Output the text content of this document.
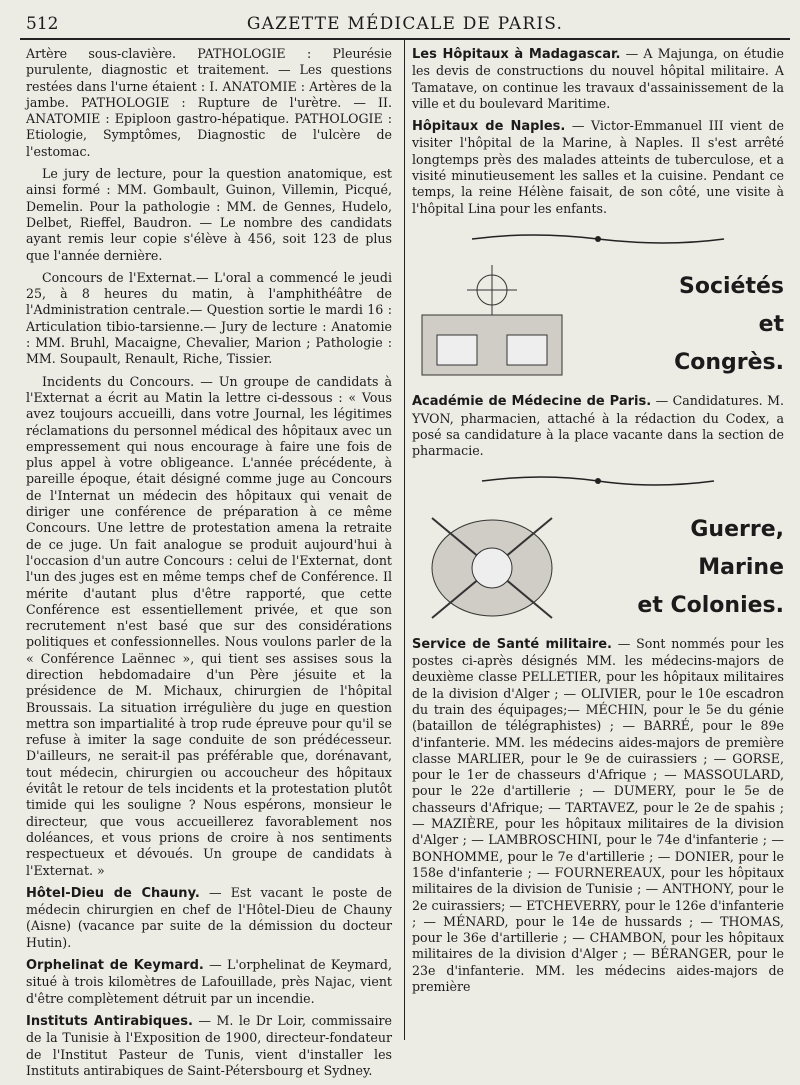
512	GAZETTE MÉDICALE DE PARIS.

Artère sous-clavière. PATHOLOGIE : Pleurésie purulente, diagnostic et traitement. — Les questions restées dans l'urne étaient : I. ANATOMIE : Artères de la jambe. PATHOLOGIE : Rupture de l'urètre. — II. ANATOMIE : Epiploon gastro-hépatique. PATHOLOGIE : Etiologie, Symptômes, Diagnostic de l'ulcère de l'estomac.

Le jury de lecture, pour la question anatomique, est ainsi formé : MM. Gombault, Guinon, Villemin, Picqué, Demelin. Pour la pathologie : MM. de Gennes, Hudelo, Delbet, Rieffel, Baudron. — Le nombre des candidats ayant remis leur copie s'élève à 456, soit 123 de plus que l'année dernière.

Concours de l'Externat.— L'oral a commencé le jeudi 25, à 8 heures du matin, à l'amphithéâtre de l'Administration centrale.— Question sortie le mardi 16 : Articulation tibio-tarsienne.— Jury de lecture : Anatomie : MM. Bruhl, Macaigne, Chevalier, Marion ; Pathologie : MM. Soupault, Renault, Riche, Tissier.

Incidents du Concours. — Un groupe de candidats à l'Externat a écrit au Matin la lettre ci-dessous : « Vous avez toujours accueilli, dans votre Journal, les légitimes réclamations du personnel médical des hôpitaux avec un empressement qui nous encourage à faire une fois de plus appel à votre obligeance. L'année précédente, à pareille époque, était désigné comme juge au Concours de l'Internat un médecin des hôpitaux qui venait de diriger une conférence de préparation à ce même Concours. Une lettre de protestation amena la retraite de ce juge. Un fait analogue se produit aujourd'hui à l'occasion d'un autre Concours : celui de l'Externat, dont l'un des juges est en même temps chef de Conférence. Il mérite d'autant plus d'être rapporté, que cette Conférence est essentiellement privée, et que son recrutement n'est basé que sur des considérations politiques et confessionnelles. Nous voulons parler de la « Conférence Laënnec », qui tient ses assises sous la direction hebdomadaire d'un Père jésuite et la présidence de M. Michaux, chirurgien de l'hôpital Broussais. La situation irrégulière du juge en question mettra son impartialité à trop rude épreuve pour qu'il se refuse à imiter la sage conduite de son prédécesseur. D'ailleurs, ne serait-il pas préférable que, dorénavant, tout médecin, chirurgien ou accoucheur des hôpitaux évitât le retour de tels incidents et la protestation plutôt timide qui les souligne ? Nous espérons, monsieur le directeur, que vous accueillerez favorablement nos doléances, et vous prions de croire à nos sentiments respectueux et dévoués. Un groupe de candidats à l'Externat. »

Hôtel-Dieu de Chauny. — Est vacant le poste de médecin chirurgien en chef de l'Hôtel-Dieu de Chauny (Aisne) (vacance par suite de la démission du docteur Hutin).

Orphelinat de Keymard. — L'orphelinat de Keymard, situé à trois kilomètres de Lafouillade, près Najac, vient d'être complètement détruit par un incendie.

Instituts Antirabiques. — M. le Dr Loir, commissaire de la Tunisie à l'Exposition de 1900, directeur-fondateur de l'Institut Pasteur de Tunis, vient d'installer les Instituts antirabiques de Saint-Pétersbourg et Sydney.

Les Hôpitaux à Madagascar. — A Majunga, on étudie les devis de constructions du nouvel hôpital militaire. A Tamatave, on continue les travaux d'assainissement de la ville et du boulevard Maritime.

Hôpitaux de Naples. — Victor-Emmanuel III vient de visiter l'hôpital de la Marine, à Naples. Il s'est arrêté longtemps près des malades atteints de tuberculose, et a visité minutieusement les salles et la cuisine. Pendant ce temps, la reine Hélène faisait, de son côté, une visite à l'hôpital Lina pour les enfants.

Sociétés
et
Congrès.

Académie de Médecine de Paris. — Candidatures. M. YVON, pharmacien, attaché à la rédaction du Codex, a posé sa candidature à la place vacante dans la section de pharmacie.

Guerre,
Marine
et Colonies.

Service de Santé militaire. — Sont nommés pour les postes ci-après désignés MM. les médecins-majors de deuxième classe PELLETIER, pour les hôpitaux militaires de la division d'Alger ; — OLIVIER, pour le 10e escadron du train des équipages;— MÉCHIN, pour le 5e du génie (bataillon de télégraphistes) ; — BARRÉ, pour le 89e d'infanterie. MM. les médecins aides-majors de première classe MARLIER, pour le 9e de cuirassiers ; — GORSE, pour le 1er de chasseurs d'Afrique ; — MASSOULARD, pour le 22e d'artillerie ; — DUMERY, pour le 5e de chasseurs d'Afrique; — TARTAVEZ, pour le 2e de spahis ; — MAZIÈRE, pour les hôpitaux militaires de la division d'Alger ; — LAMBROSCHINI, pour le 74e d'infanterie ; — BONHOMME, pour le 7e d'artillerie ; — DONIER, pour le 158e d'infanterie ; — FOURNEREAUX, pour les hôpitaux militaires de la division de Tunisie ; — ANTHONY, pour le 2e cuirassiers; — ETCHEVERRY, pour le 126e d'infanterie ; — MÉNARD, pour le 14e de hussards ; — THOMAS, pour le 36e d'artillerie ; — CHAMBON, pour les hôpitaux militaires de la division d'Alger ; — BÉRANGER, pour le 23e d'infanterie. MM. les médecins aides-majors de première
